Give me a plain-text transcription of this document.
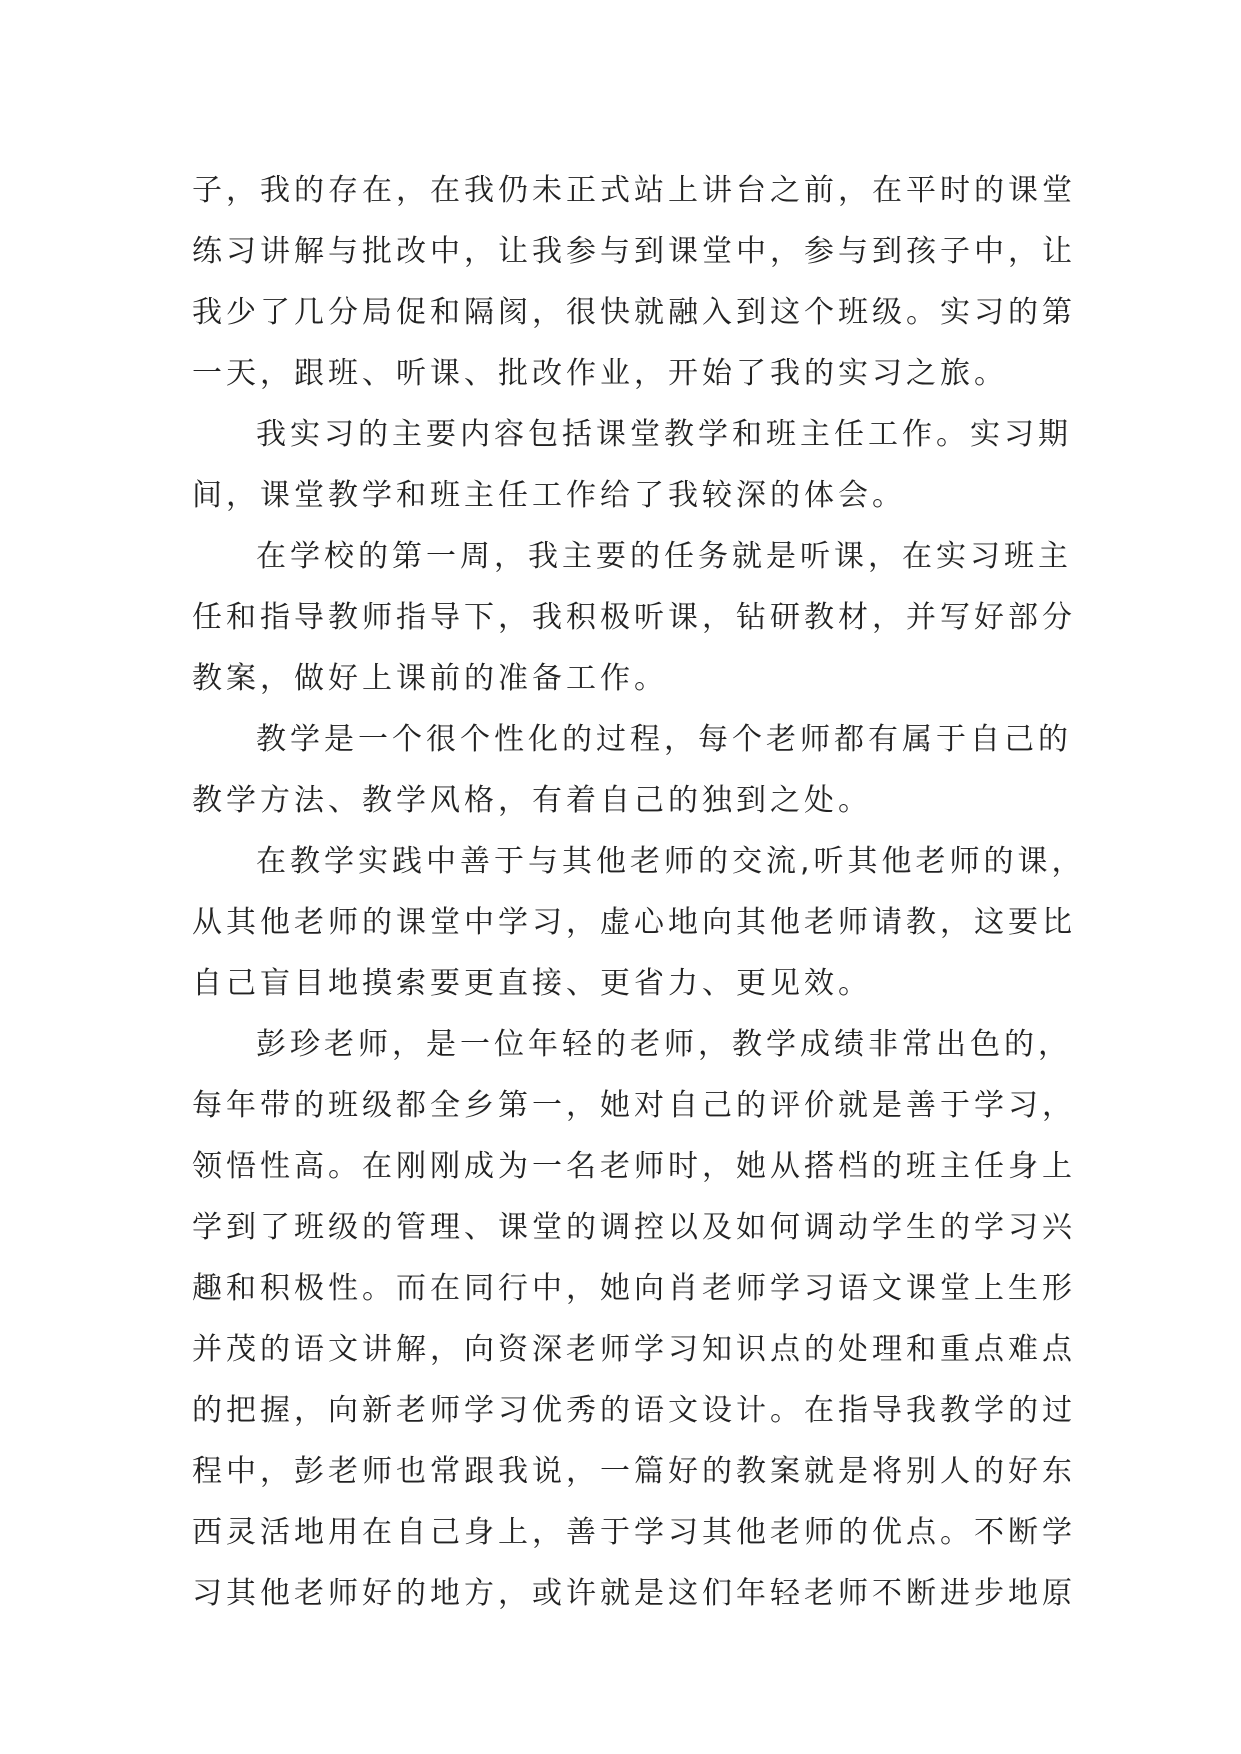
子，我的存在，在我仍未正式站上讲台之前，在平时的课堂
练习讲解与批改中，让我参与到课堂中，参与到孩子中，让
我少了几分局促和隔阂，很快就融入到这个班级。实习的第
一天，跟班、听课、批改作业，开始了我的实习之旅。
我实习的主要内容包括课堂教学和班主任工作。实习期
间，课堂教学和班主任工作给了我较深的体会。
在学校的第一周，我主要的任务就是听课，在实习班主
任和指导教师指导下，我积极听课，钻研教材，并写好部分
教案，做好上课前的准备工作。
教学是一个很个性化的过程，每个老师都有属于自己的
教学方法、教学风格，有着自己的独到之处。
在教学实践中善于与其他老师的交流,听其他老师的课，
从其他老师的课堂中学习，虚心地向其他老师请教，这要比
自己盲目地摸索要更直接、更省力、更见效。
彭珍老师，是一位年轻的老师，教学成绩非常出色的，
每年带的班级都全乡第一，她对自己的评价就是善于学习，
领悟性高。在刚刚成为一名老师时，她从搭档的班主任身上
学到了班级的管理、课堂的调控以及如何调动学生的学习兴
趣和积极性。而在同行中，她向肖老师学习语文课堂上生形
并茂的语文讲解，向资深老师学习知识点的处理和重点难点
的把握，向新老师学习优秀的语文设计。在指导我教学的过
程中，彭老师也常跟我说，一篇好的教案就是将别人的好东
西灵活地用在自己身上，善于学习其他老师的优点。不断学
习其他老师好的地方，或许就是这们年轻老师不断进步地原
